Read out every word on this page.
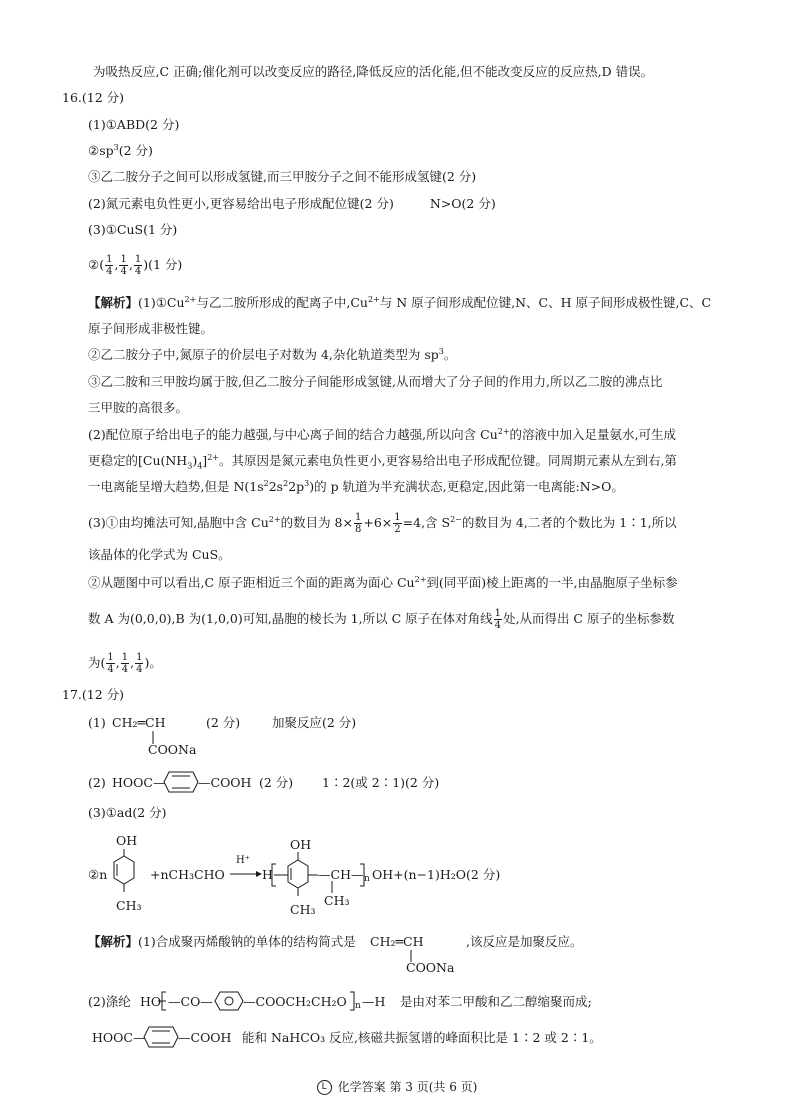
为吸热反应,C 正确;催化剂可以改变反应的路径,降低反应的活化能,但不能改变反应的反应热,D 错误。
16.(12 分)
(1)①ABD(2 分)
$②sp^3(2$ 分)
③乙二胺分子之间可以形成氢键,而三甲胺分子之间不能形成氢键(2 分)
(2)氮元素电负性更小,更容易给出电子形成配位键(2 分)	N>O(2 分)
(3)①CuS(1 分)
②( $\frac{1}{4}$ , $\frac{1}{4}$ , $\frac{1}{4} )(1$ 分)
【解析】$(1)①Cu^{2+}$与乙二胺所形成的配离子中$,Cu^{2+}$与 N 原子间形成配位键,N、C、H 原子间形成极性键,C、C
原子间形成非极性键。
②乙二胺分子中,氮原子的价层电子对数为 4,杂化轨道类型为 $sp^3$。
③乙二胺和三甲胺均属于胺,但乙二胺分子间能形成氢键,从而增大了分子间的作用力,所以乙二胺的沸点比
三甲胺的高很多。
(2)配位原子给出电子的能力越强,与中心离子间的结合力越强,所以向含 $Cu^{2+}$的溶液中加入足量氨水,可生成
更稳定的$[Cu(NH_3)_4]^{2+}$。其原因是氮元素电负性更小,更容易给出电子形成配位键。同周期元素从左到右,第
一电离能呈增大趋势,但是 $N(1s^22s^22p^3)$的 p 轨道为半充满状态,更稳定,因此第一电离能:N>O。
(3)①由均摊法可知,晶胞中含 $Cu^{2+}$的数目为 $8\times \frac{1}{8} +6\times \frac{1}{2} =4$,含 $S^{2-}$的数目为 4,二者的个数比为 1∶1,所以
该晶体的化学式为 CuS。
②从题图中可以看出,C 原子距相近三个面的距离为面心 $Cu^{2+}$到(同平面)棱上距离的一半,由晶胞原子坐标参
数 A 为(0,0,0),B 为(1,0,0)可知,晶胞的棱长为 1,所以 C 原子在体对角线 $\frac{1}{4}$ 处,从而得出 C 原子的坐标参数
为( $\frac{1}{4}$ , $\frac{1}{4}$ , $\frac{1}{4}$ )。
17.(12 分)
(1) CH₂═CH
COONa
(2 分)	加聚反应(2 分)
(2) HOOC—	—COOH (2 分) 1∶2(或 2∶1)(2 分)
(3)①ad(2 分)
OH
②n
CH₃
+nCH₃CHO
H⁺
H
OH
—CH—
CH₃
CH₃
n OH+(n−1)H₂O(2 分)
【解析】(1)合成聚丙烯酸钠的单体的结构简式是 CH₂═CH
COONa
,该反应是加聚反应。
(2)涤纶 HO —CO— —COOCH₂CH₂O n —H 是由对苯二甲酸和乙二醇缩聚而成;
HOOC—	—COOH 能和 NaHCO₃ 反应,核磁共振氢谱的峰面积比是 1∶2 或 2∶1。
L 化学答案 第 3 页(共 6 页)
